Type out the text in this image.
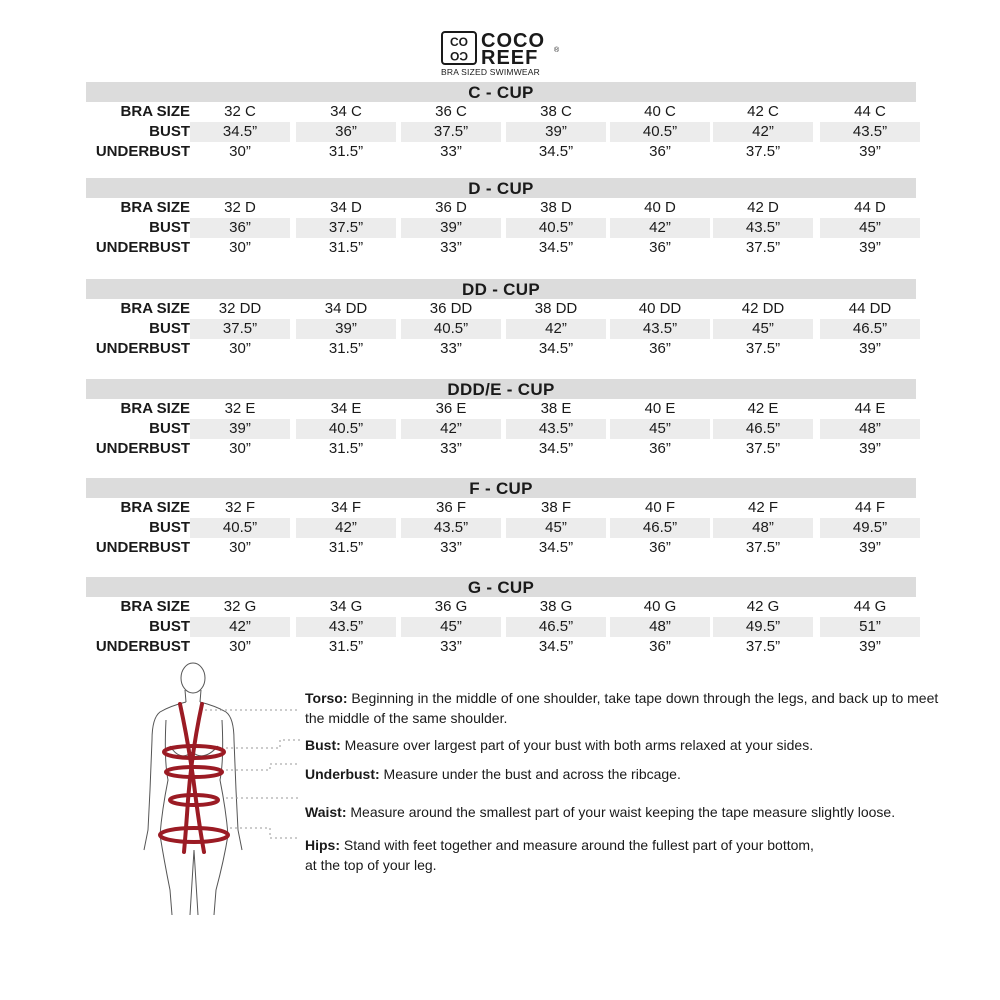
CO
CO
COCO
REEF ®
BRA SIZED SWIMWEAR
C - CUP
BRA SIZE	32 C	34 C	36 C	38 C	40 C	42 C	44 C
BUST	34.5”	36”	37.5”	39”	40.5”	42”	43.5”
UNDERBUST	30”	31.5”	33”	34.5”	36”	37.5”	39”
D - CUP
BRA SIZE	32 D	34 D	36 D	38 D	40 D	42 D	44 D
BUST	36”	37.5”	39”	40.5”	42”	43.5”	45”
UNDERBUST	30”	31.5”	33”	34.5”	36”	37.5”	39”
DD - CUP
BRA SIZE	32 DD	34 DD	36 DD	38 DD	40 DD	42 DD	44 DD
BUST	37.5”	39”	40.5”	42”	43.5”	45”	46.5”
UNDERBUST	30”	31.5”	33”	34.5”	36”	37.5”	39”
DDD/E - CUP
BRA SIZE	32 E	34 E	36 E	38 E	40 E	42 E	44 E
BUST	39”	40.5”	42”	43.5”	45”	46.5”	48”
UNDERBUST	30”	31.5”	33”	34.5”	36”	37.5”	39”
F - CUP
BRA SIZE	32 F	34 F	36 F	38 F	40 F	42 F	44 F
BUST	40.5”	42”	43.5”	45”	46.5”	48”	49.5”
UNDERBUST	30”	31.5”	33”	34.5”	36”	37.5”	39”
G - CUP
BRA SIZE	32 G	34 G	36 G	38 G	40 G	42 G	44 G
BUST	42”	43.5”	45”	46.5”	48”	49.5”	51”
UNDERBUST	30”	31.5”	33”	34.5”	36”	37.5”	39”
Torso: Beginning in the middle of one shoulder, take tape down through the legs, and back up to meet
the middle of the same shoulder.
Bust: Measure over largest part of your bust with both arms relaxed at your sides.
Underbust: Measure under the bust and across the ribcage.
Waist: Measure around the smallest part of your waist keeping the tape measure slightly loose.
Hips: Stand with feet together and measure around the fullest part of your bottom,
at the top of your leg.
